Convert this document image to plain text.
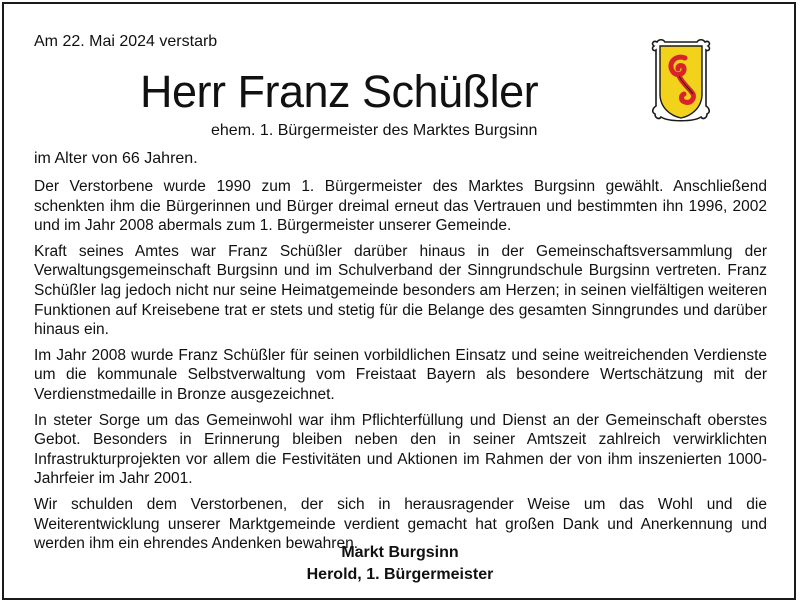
Am 22. Mai 2024 verstarb
Herr Franz Schüßler
ehem. 1. Bürgermeister des Marktes Burgsinn
im Alter von 66 Jahren.

Der Verstorbene wurde 1990 zum 1. Bürgermeister des Marktes Burgsinn gewählt. Anschließend schenkten ihm die Bürgerinnen und Bürger dreimal erneut das Vertrauen und bestimmten ihn 1996, 2002 und im Jahr 2008 abermals zum 1. Bürgermeister unserer Gemeinde.

Kraft seines Amtes war Franz Schüßler darüber hinaus in der Gemeinschaftsversammlung der Verwaltungsgemeinschaft Burgsinn und im Schulverband der Sinngrundschule Burgsinn vertreten. Franz Schüßler lag jedoch nicht nur seine Heimatgemeinde besonders am Herzen; in seinen vielfältigen weiteren Funktionen auf Kreisebene trat er stets und stetig für die Belange des gesamten Sinngrundes und darüber hinaus ein.

Im Jahr 2008 wurde Franz Schüßler für seinen vorbildlichen Einsatz und seine weitreichenden Verdienste um die kommunale Selbstverwaltung vom Freistaat Bayern als besondere Wertschätzung mit der Verdienstmedaille in Bronze ausgezeichnet.

In steter Sorge um das Gemeinwohl war ihm Pflichterfüllung und Dienst an der Gemeinschaft oberstes Gebot. Besonders in Erinnerung bleiben neben den in seiner Amtszeit zahlreich verwirklichten Infrastrukturprojekten vor allem die Festivitäten und Aktionen im Rahmen der von ihm inszenierten 1000-Jahrfeier im Jahr 2001.

Wir schulden dem Verstorbenen, der sich in herausragender Weise um das Wohl und die Weiterentwicklung unserer Marktgemeinde verdient gemacht hat großen Dank und Anerkennung und werden ihm ein ehrendes Andenken bewahren.

Markt Burgsinn
Herold, 1. Bürgermeister
